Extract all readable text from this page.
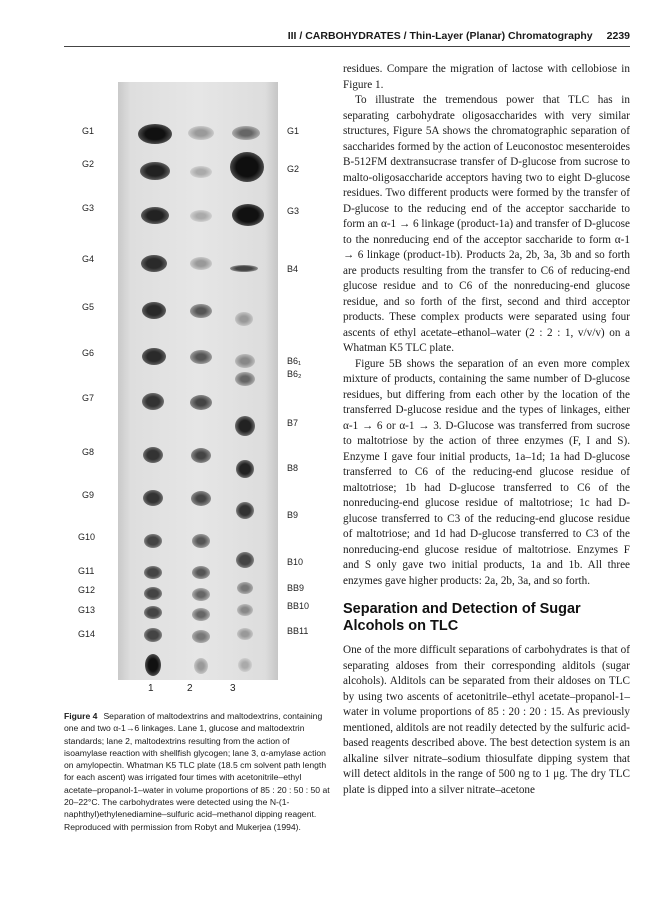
III / CARBOHYDRATES / Thin-Layer (Planar) Chromatography 2239
G1
G2
G3
G4
G5
G6
G7
G8
G9
G10
G11
G12
G13
G14
G1
G2
G3
B4
B6₁
B6₂
B7
B8
B9
B10
BB9
BB10
BB11
1	2	3
Figure 4 Separation of maltodextrins and maltodextrins, containing one and two α-1→6 linkages. Lane 1, glucose and maltodextrin standards; lane 2, maltodextrins resulting from the action of isoamylase reaction with shellfish glycogen; lane 3, α-amylase action on amylopectin. Whatman K5 TLC plate (18.5 cm solvent path length for each ascent) was irrigated four times with acetonitrile–ethyl acetate–propanol-1–water in volume proportions of 85 : 20 : 50 : 50 at 20–22°C. The carbohydrates were detected using the N-(1-naphthyl)ethylenediamine–sulfuric acid–methanol dipping reagent. Reproduced with permission from Robyt and Mukerjea (1994).

residues. Compare the migration of lactose with cellobiose in Figure 1.

To illustrate the tremendous power that TLC has in separating carbohydrate oligosaccharides with very similar structures, Figure 5A shows the chromatographic separation of saccharides formed by the action of Leuconostoc mesenteroides B-512FM dextransucrase transfer of D-glucose from sucrose to malto-oligosaccharide acceptors having two to eight D-glucose residues. Two different products were formed by the transfer of D-glucose to the reducing end of the acceptor saccharide to form an α-1 → 6 linkage (product-1a) and transfer of D-glucose to the nonreducing end of the acceptor saccharide to form α-1 → 6 linkage (product-1b). Products 2a, 2b, 3a, 3b and so forth are products resulting from the transfer to C6 of reducing-end glucose residue and to C6 of the nonreducing-end glucose residue, and so forth of the first, second and third acceptor products. These complex products were separated using four ascents of ethyl acetate–ethanol–water (2 : 2 : 1, v/v/v) on a Whatman K5 TLC plate.

Figure 5B shows the separation of an even more complex mixture of products, containing the same number of D-glucose residues, but differing from each other by the location of the transferred D-glucose residue and the types of linkages, either α-1 → 6 or α-1 → 3. D-Glucose was transferred from sucrose to maltotriose by the action of three enzymes (F, I and S). Enzyme I gave four initial products, 1a–1d; 1a had D-glucose transferred to C6 of the reducing-end glucose residue of maltotriose; 1b had D-glucose transferred to C6 of the nonreducing-end glucose residue of maltotriose; 1c had D-glucose transferred to C3 of the reducing-end glucose residue of maltotriose; and 1d had D-glucose transferred to C3 of the nonreducing-end glucose residue of maltotriose. Enzymes F and S only gave two initial products, 1a and 1b. All three enzymes gave higher products: 2a, 2b, 3a, and so forth.

Separation and Detection of Sugar Alcohols on TLC

One of the more difficult separations of carbohydrates is that of separating aldoses from their corresponding alditols (sugar alcohols). Alditols can be separated from their aldoses on TLC by using two ascents of acetonitrile–ethyl acetate–propanol-1–water in volume proportions of 85 : 20 : 20 : 15. As previously mentioned, alditols are not readily detected by the sulfuric acid-based reagents described above. The best detection system is an alkaline silver nitrate–sodium thiosulfate dipping system that will detect alditols in the range of 500 ng to 1 μg. The dry TLC plate is dipped into a silver nitrate–acetone
